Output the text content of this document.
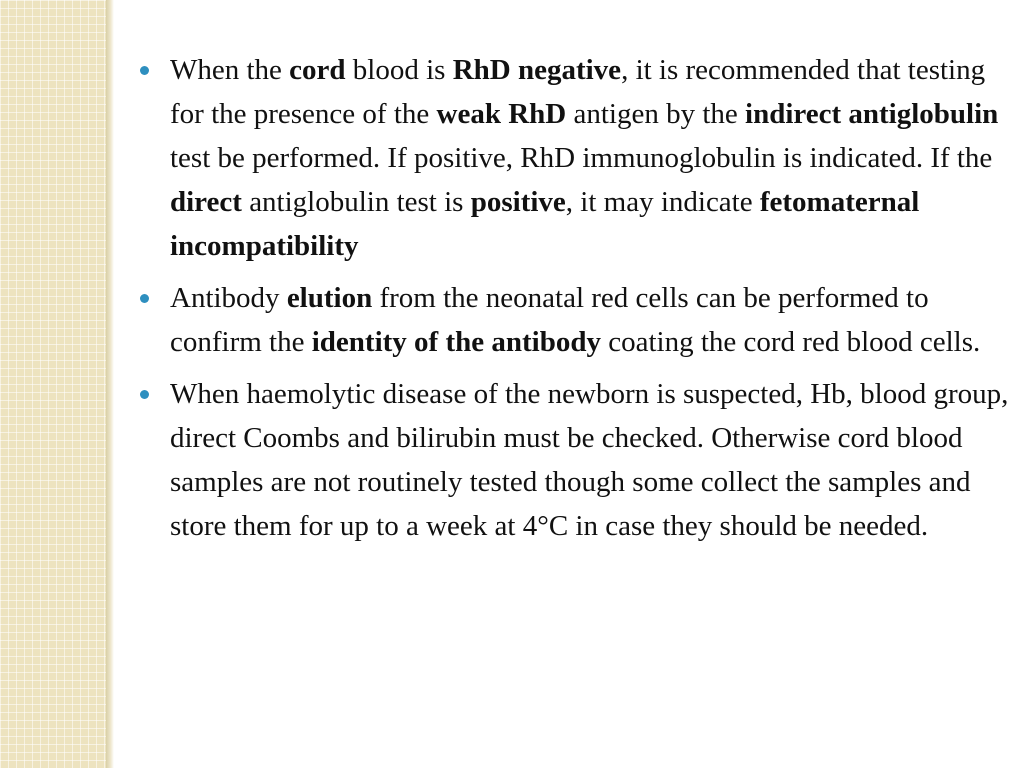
When the cord blood is RhD negative, it is recommended that testing for the presence of the weak RhD antigen by the indirect antiglobulin test be performed. If positive, RhD immunoglobulin is indicated. If the direct antiglobulin test is positive, it may indicate fetomaternal incompatibility
Antibody elution from the neonatal red cells can be performed to confirm the identity of the antibody coating the cord red blood cells.
When haemolytic disease of the newborn is suspected, Hb, blood group, direct Coombs and bilirubin must be checked. Otherwise cord blood samples are not routinely tested though some collect the samples and store them for up to a week at 4°C in case they should be needed.
